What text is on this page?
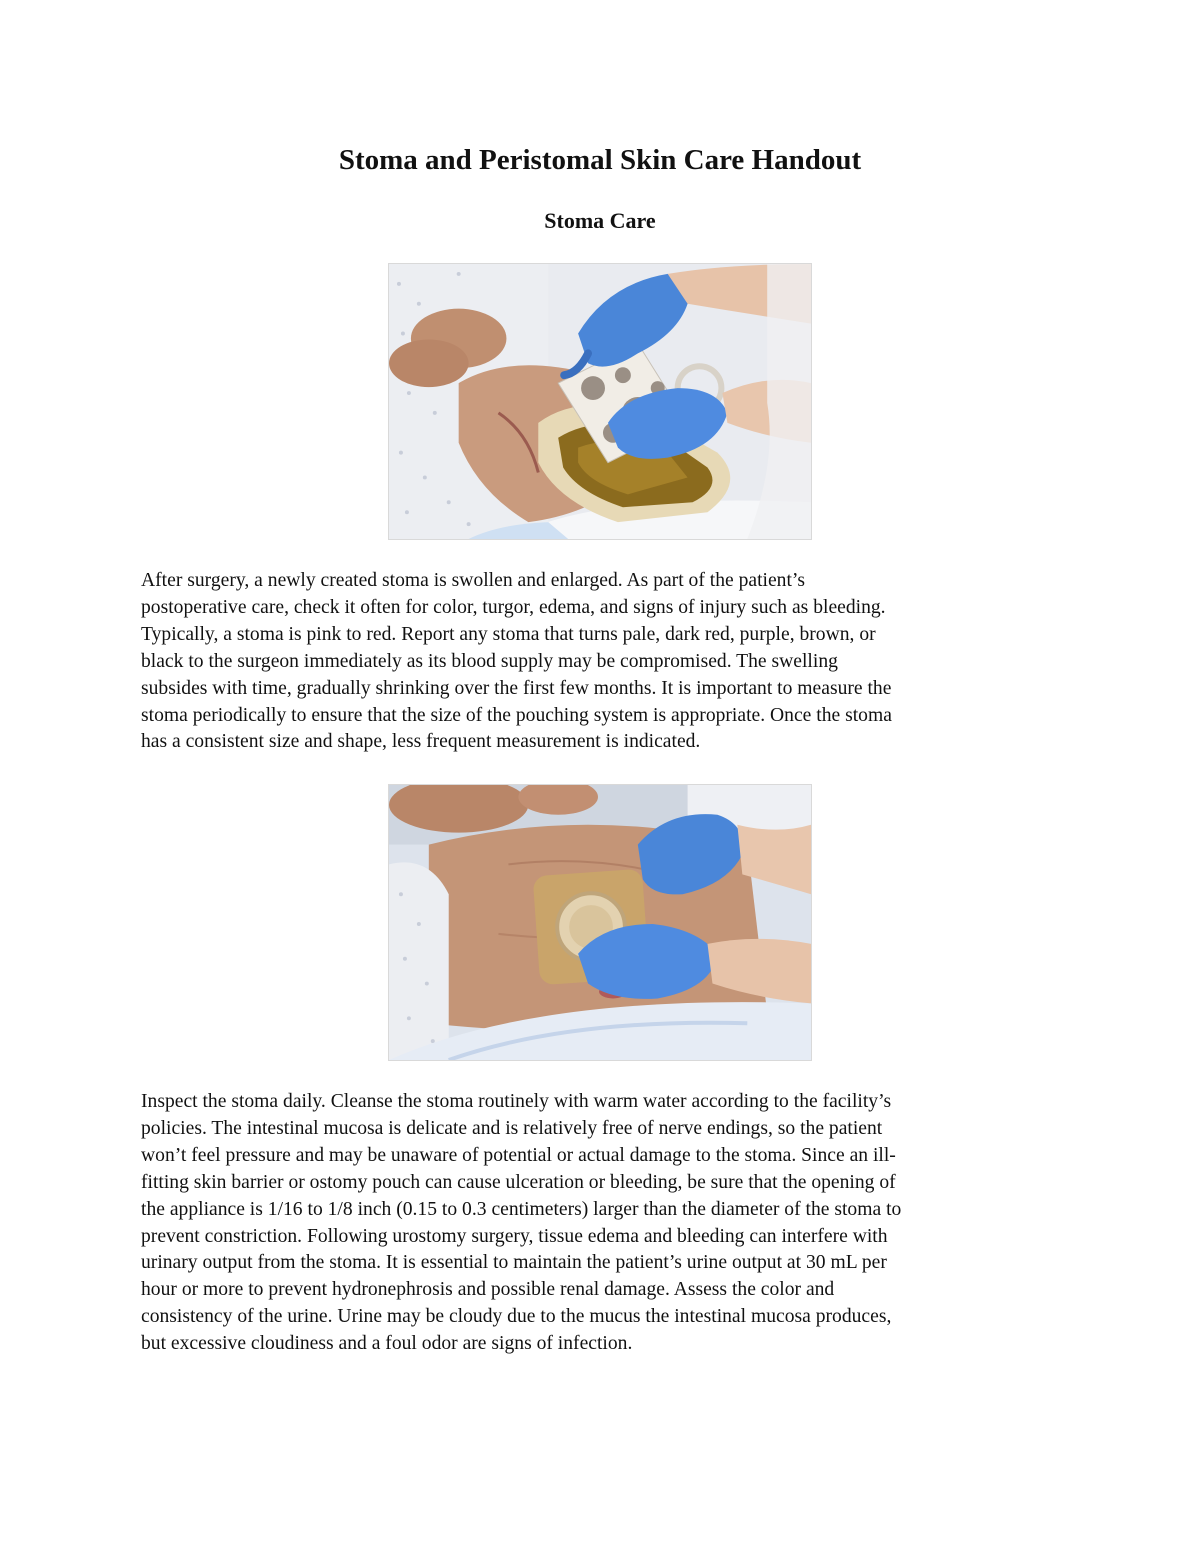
Stoma and Peristomal Skin Care Handout
Stoma Care

After surgery, a newly created stoma is swollen and enlarged. As part of the patient’s
postoperative care, check it often for color, turgor, edema, and signs of injury such as bleeding.
Typically, a stoma is pink to red. Report any stoma that turns pale, dark red, purple, brown, or
black to the surgeon immediately as its blood supply may be compromised. The swelling
subsides with time, gradually shrinking over the first few months. It is important to measure the
stoma periodically to ensure that the size of the pouching system is appropriate. Once the stoma
has a consistent size and shape, less frequent measurement is indicated.

Inspect the stoma daily. Cleanse the stoma routinely with warm water according to the facility’s
policies. The intestinal mucosa is delicate and is relatively free of nerve endings, so the patient
won’t feel pressure and may be unaware of potential or actual damage to the stoma. Since an ill-
fitting skin barrier or ostomy pouch can cause ulceration or bleeding, be sure that the opening of
the appliance is 1/16 to 1/8 inch (0.15 to 0.3 centimeters) larger than the diameter of the stoma to
prevent constriction. Following urostomy surgery, tissue edema and bleeding can interfere with
urinary output from the stoma. It is essential to maintain the patient’s urine output at 30 mL per
hour or more to prevent hydronephrosis and possible renal damage. Assess the color and
consistency of the urine. Urine may be cloudy due to the mucus the intestinal mucosa produces,
but excessive cloudiness and a foul odor are signs of infection.
